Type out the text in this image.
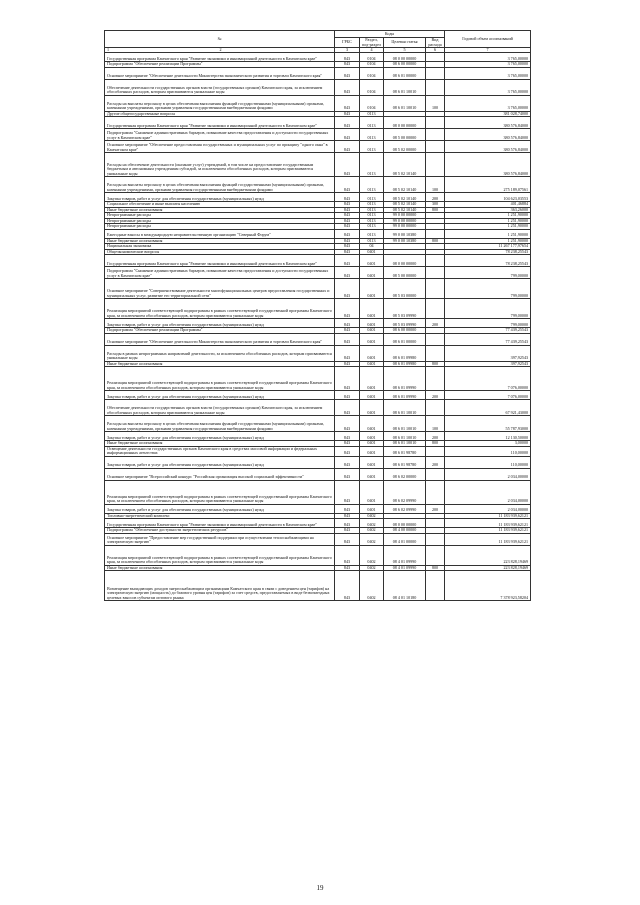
№	Коды				Годовой объем ассигнований
	ГРБС	Раздел, под-раздел	Целевая статья	Вид расхода	

1 2	3	4	5	6	7
Государственная программа Камчатского края "Развитие экономики и инновационной деятельности в Камчатском крае"	843	0104	08 0 00 00000		3 765,00000
Подпрограмма "Обеспечение реализации Программы"	843	0104	08 6 00 00000		3 765,00000
Основное мероприятие "Обеспечение деятельности Министерства экономического развития и торговли Камчатского края"	843	0104	08 6 01 00000		3 765,00000
Обеспечение деятельности государственных органов власти (государственных органов) Камчатского края, за исключением обособленных расходов, которым присваиваются уникальные коды	843	0104	08 6 01 10010		3 765,00000
Расходы на выплаты персоналу в целях обеспечения выполнения функций государственными (муниципальными) органами, казенными учреждениями, органами управления государственными внебюджетными фондами	843	0104	08 6 01 10010	100	3 765,00000
Другие общегосударственные вопросы	843	0113			381 028,74000
Государственная программа Камчатского края "Развитие экономики и инновационной деятельности в Камчатском крае"	843	0113	08 0 00 00000		380 576,84000
Подпрограмма "Снижение административных барьеров, повышение качества предоставления и доступности государственных услуг в Камчатском крае"	843	0113	08 5 00 00000		380 576,84000
Основное мероприятие "Обеспечение предоставления государственных и муниципальных услуг по принципу "одного окна" в Камчатском крае"	843	0113	08 5 02 00000		380 576,84000
Расходы на обеспечение деятельности (оказание услуг) учреждений, в том числе на предоставление государственным бюджетным и автономным учреждениям субсидий, за исключением обособленных расходов, которым присваиваются уникальные коды	843	0113	08 5 02 10140		380 576,84000
Расходы на выплаты персоналу в целях обеспечения выполнения функций государственными (муниципальными) органами, казенными учреждениями, органами управления государственными внебюджетными фондами	843	0113	08 5 02 10140	100	275 189,07561
Закупка товаров, работ и услуг для обеспечения государственных (муниципальных) нужд	843	0113	08 5 02 10140	200	104 623,03553
Социальное обеспечение и иные выплаты населению	843	0113	08 5 02 10140	300	401,46884
Иные бюджетные ассигнования	843	0113	08 5 02 10140	800	363,26000
Непрограммные расходы	843	0113	99 0 00 00000		1 251,90000
Непрограммные расходы	843	0113	99 0 00 00000		1 251,90000
Непрограммные расходы	843	0113	99 0 00 00000		1 251,90000
Ежегодные взносы в международную неправительственную организацию "Северный Форум"	843	0113	99 0 00 10380		1 251,90000
Иные бюджетные ассигнования	843	0113	99 0 00 10380	800	1 251,90000
Национальная экономика	843	04			11 267 177,97654
Общеэкономические вопросы	843	0401			78 238,25543
Государственная программа Камчатского края "Развитие экономики и инновационной деятельности в Камчатском крае"	843	0401	08 0 00 00000		78 238,25543
Подпрограмма "Снижение административных барьеров, повышение качества предоставления и доступности государственных услуг в Камчатском крае"	843	0401	08 5 00 00000		799,00000
Основное мероприятие "Совершенствование деятельности многофункциональных центров предоставления государственных и муниципальных услуг, развитие его территориальной сети"	843	0401	08 5 03 00000		799,00000
Реализация мероприятий соответствующей подпрограммы в рамках соответствующей государственной программы Камчатского края, за исключением обособленных расходов, которым присваиваются уникальные коды	843	0401	08 5 03 09990		799,00000
Закупка товаров, работ и услуг для обеспечения государственных (муниципальных) нужд	843	0401	08 5 03 09990	200	799,00000
Подпрограмма "Обеспечение реализации Программы"	843	0401	08 6 00 00000		77 439,25543
Основное мероприятие "Обеспечение деятельности Министерства экономического развития и торговли Камчатского края"	843	0401	08 6 01 00000		77 439,25543
Расходы в рамках непрограммных направлений деятельности, за исключением обособленных расходов, которым присваиваются уникальные коды	843	0401	08 6 01 09980		397,92543
Иные бюджетные ассигнования	843	0401	08 6 01 09980	800	397,92543
Реализация мероприятий соответствующей подпрограммы в рамках соответствующей государственной программы Камчатского края, за исключением обособленных расходов, которым присваиваются уникальные коды	843	0401	08 6 01 09990		7 076,00000
Закупка товаров, работ и услуг для обеспечения государственных (муниципальных) нужд	843	0401	08 6 01 09990	200	7 076,00000
Обеспечение деятельности государственных органов власти (государственных органов) Камчатского края, за исключением обособленных расходов, которым присваиваются уникальные коды	843	0401	08 6 01 10010		67 921,43000
Расходы на выплаты персоналу в целях обеспечения выполнения функций государственными (муниципальными) органами, казенными учреждениями, органами управления государственными внебюджетными фондами	843	0401	08 6 01 10010	100	55 787,93000
Закупка товаров, работ и услуг для обеспечения государственных (муниципальных) нужд	843	0401	08 6 01 10010	200	12 130,50000
Иные бюджетные ассигнования	843	0401	08 6 01 10010	800	3,00000
Освещение деятельности государственных органов Камчатского края в средствах массовой информации и федеральных информационных агентствах	843	0401	08 6 01 98780		110,00000
Закупка товаров, работ и услуг для обеспечения государственных (муниципальных) нужд	843	0401	08 6 01 98780	200	110,00000
Основное мероприятие "Всероссийский конкурс "Российская организация высокой социальной эффективности"	843	0401	08 6 02 00000		2 034,00000
Реализация мероприятий соответствующей подпрограммы в рамках соответствующей государственной программы Камчатского края, за исключением обособленных расходов, которым присваиваются уникальные коды	843	0401	08 6 02 09990		2 034,00000
Закупка товаров, работ и услуг для обеспечения государственных (муниципальных) нужд	843	0401	08 6 02 09990	200	2 034,00000
Топливно-энергетический комплекс	843	0402			11 183 939,62121
Государственная программа Камчатского края "Развитие экономики и инновационной деятельности в Камчатском крае"	843	0402	08 0 00 00000		11 183 939,62121
Подпрограмма "Обеспечение доступности энергетических ресурсов"	843	0402	08 4 00 00000		11 183 939,62121
Основное мероприятие "Предоставление мер государственной поддержки при осуществлении теплоснабжающими на электрическую энергию"	843	0402	08 4 01 00000		11 183 939,62121
Реализация мероприятий соответствующей подпрограммы в рамках соответствующей государственной программы Камчатского края, за исключением обособленных расходов, которым присваиваются уникальные коды	843	0402	08 4 01 09990		223 828,19469
Иные бюджетные ассигнования	843	0402	08 4 01 09990	800	223 828,19469
Возмещение выпадающих доходов энергоснабжающим организациям Камчатского края в связи с доведением цен (тарифов) на электрическую энергию (мощность) до базового уровня цен (тарифов) за счет средств, предоставляемых в виде безвозмездных целевых взносов субъектам оптового рынка	843	0402	08 4 01 10180		7 378 923,58204
19
